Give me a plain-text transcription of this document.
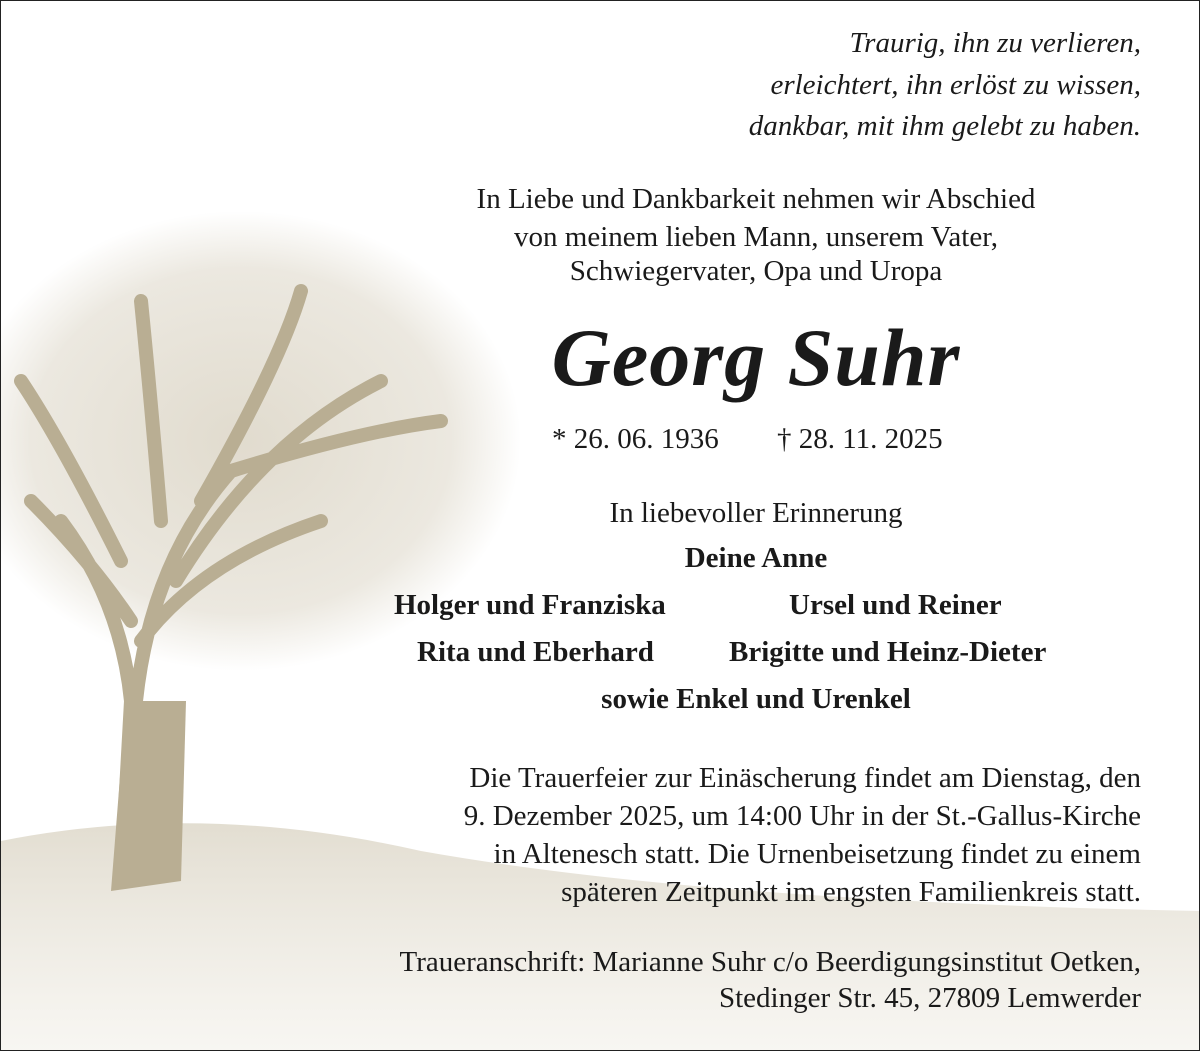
Traurig, ihn zu verlieren,
erleichtert, ihn erlöst zu wissen,
dankbar, mit ihm gelebt zu haben.
In Liebe und Dankbarkeit nehmen wir Abschied
von meinem lieben Mann, unserem Vater,
Schwiegervater, Opa und Uropa
Georg Suhr
* 26. 06. 1936 † 28. 11. 2025
In liebevoller Erinnerung
Deine Anne
Holger und Franziska	Ursel und Reiner
Rita und Eberhard	Brigitte und Heinz-Dieter
sowie Enkel und Urenkel
Die Trauerfeier zur Einäscherung findet am Dienstag, den
9. Dezember 2025, um 14:00 Uhr in der St.-Gallus-Kirche
in Altenesch statt. Die Urnenbeisetzung findet zu einem
späteren Zeitpunkt im engsten Familienkreis statt.
Traueranschrift: Marianne Suhr c/o Beerdigungsinstitut Oetken,
Stedinger Str. 45, 27809 Lemwerder
